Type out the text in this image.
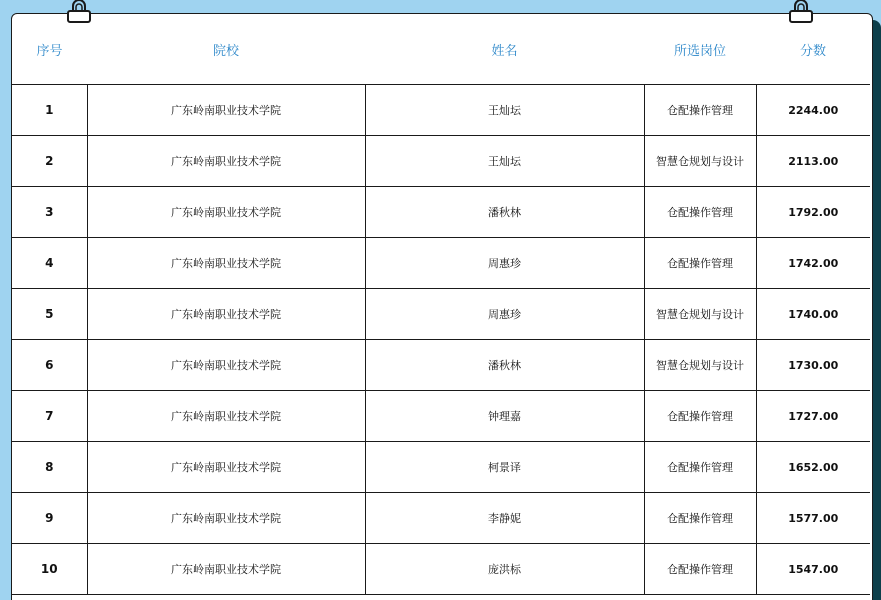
序号	院校	姓名	所选岗位	分数
1	广东岭南职业技术学院	王灿坛	仓配操作管理	2244.00
2	广东岭南职业技术学院	王灿坛	智慧仓规划与设计	2113.00
3	广东岭南职业技术学院	潘秋林	仓配操作管理	1792.00
4	广东岭南职业技术学院	周惠珍	仓配操作管理	1742.00
5	广东岭南职业技术学院	周惠珍	智慧仓规划与设计	1740.00
6	广东岭南职业技术学院	潘秋林	智慧仓规划与设计	1730.00
7	广东岭南职业技术学院	钟理嘉	仓配操作管理	1727.00
8	广东岭南职业技术学院	柯景译	仓配操作管理	1652.00
9	广东岭南职业技术学院	李静妮	仓配操作管理	1577.00
10	广东岭南职业技术学院	庞洪标	仓配操作管理	1547.00
